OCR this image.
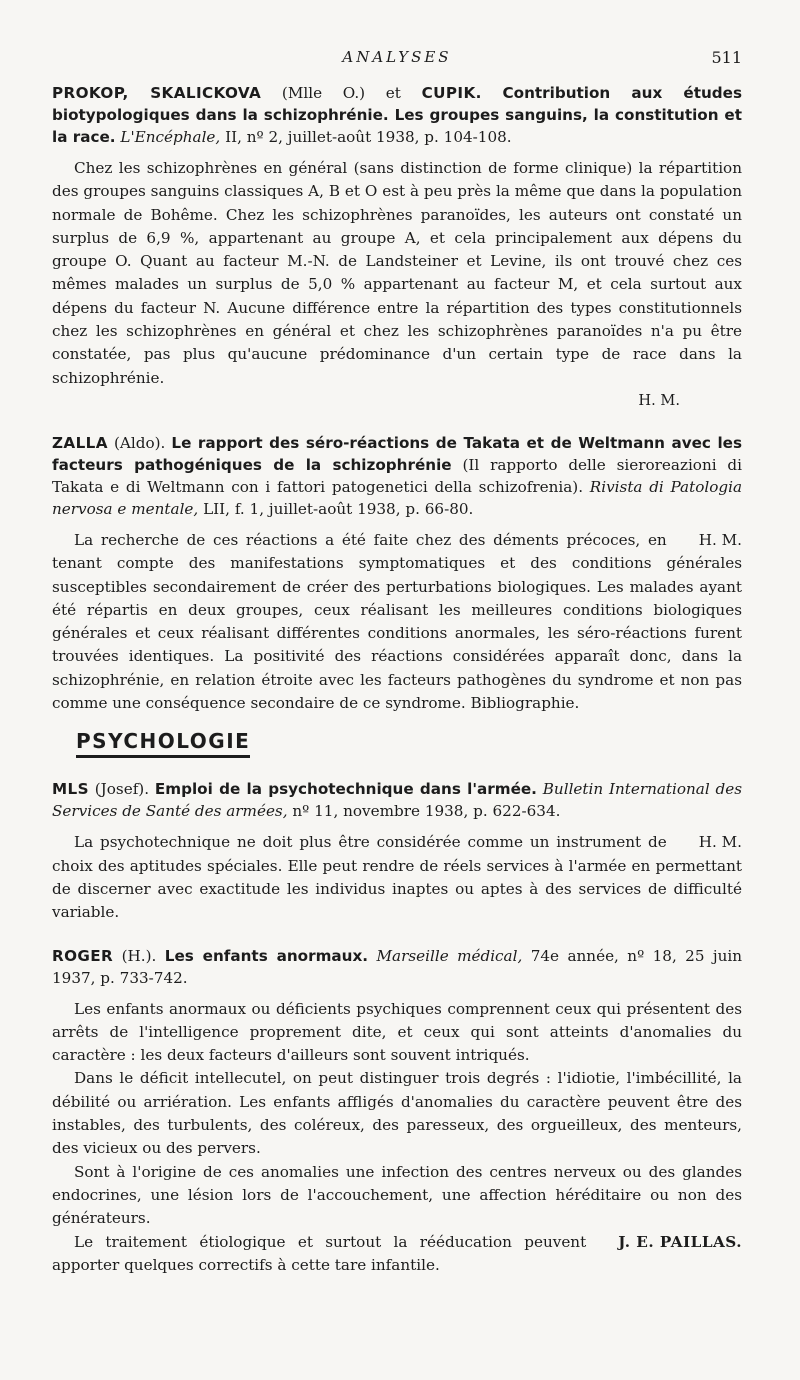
ANALYSES	511

PROKOP, SKALICKOVA (Mlle O.) et CUPIK. Contribution aux études biotypologiques dans la schizophrénie. Les groupes sanguins, la constitution et la race. L'Encéphale, II, nº 2, juillet-août 1938, p. 104-108.

Chez les schizophrènes en général (sans distinction de forme clinique) la répartition des groupes sanguins classiques A, B et O est à peu près la même que dans la population normale de Bohême. Chez les schizophrènes paranoïdes, les auteurs ont constaté un surplus de 6,9 %, appartenant au groupe A, et cela principalement aux dépens du groupe O. Quant au facteur M.-N. de Landsteiner et Levine, ils ont trouvé chez ces mêmes malades un surplus de 5,0 % appartenant au facteur M, et cela surtout aux dépens du facteur N. Aucune différence entre la répartition des types constitutionnels chez les schizophrènes en général et chez les schizophrènes paranoïdes n'a pu être constatée, pas plus qu'aucune prédominance d'un certain type de race dans la schizophrénie.

H. M.

ZALLA (Aldo). Le rapport des séro-réactions de Takata et de Weltmann avec les facteurs pathogéniques de la schizophrénie (Il rapporto delle sieroreazioni di Takata e di Weltmann con i fattori patogenetici della schizofrenia). Rivista di Patologia nervosa e mentale, LII, f. 1, juillet-août 1938, p. 66-80.

H. M.
La recherche de ces réactions a été faite chez des déments précoces, en tenant compte des manifestations symptomatiques et des conditions générales susceptibles secondairement de créer des perturbations biologiques. Les malades ayant été répartis en deux groupes, ceux réalisant les meilleures conditions biologiques générales et ceux réalisant différentes conditions anormales, les séro-réactions furent trouvées identiques. La positivité des réactions considérées apparaît donc, dans la schizophrénie, en relation étroite avec les facteurs pathogènes du syndrome et non pas comme une conséquence secondaire de ce syndrome. Bibliographie.

PSYCHOLOGIE

MLS (Josef). Emploi de la psychotechnique dans l'armée. Bulletin International des Services de Santé des armées, nº 11, novembre 1938, p. 622-634.

H. M.
La psychotechnique ne doit plus être considérée comme un instrument de choix des aptitudes spéciales. Elle peut rendre de réels services à l'armée en permettant de discerner avec exactitude les individus inaptes ou aptes à des services de difficulté variable.

ROGER (H.). Les enfants anormaux. Marseille médical, 74e année, nº 18, 25 juin 1937, p. 733-742.

Les enfants anormaux ou déficients psychiques comprennent ceux qui présentent des arrêts de l'intelligence proprement dite, et ceux qui sont atteints d'anomalies du caractère : les deux facteurs d'ailleurs sont souvent intriqués.

Dans le déficit intellecutel, on peut distinguer trois degrés : l'idiotie, l'imbécillité, la débilité ou arriération. Les enfants affligés d'anomalies du caractère peuvent être des instables, des turbulents, des coléreux, des paresseux, des orgueilleux, des menteurs, des vicieux ou des pervers.

Sont à l'origine de ces anomalies une infection des centres nerveux ou des glandes endocrines, une lésion lors de l'accouchement, une affection héréditaire ou non des générateurs.

J. E. PAILLAS.
Le traitement étiologique et surtout la rééducation peuvent apporter quelques correctifs à cette tare infantile.
